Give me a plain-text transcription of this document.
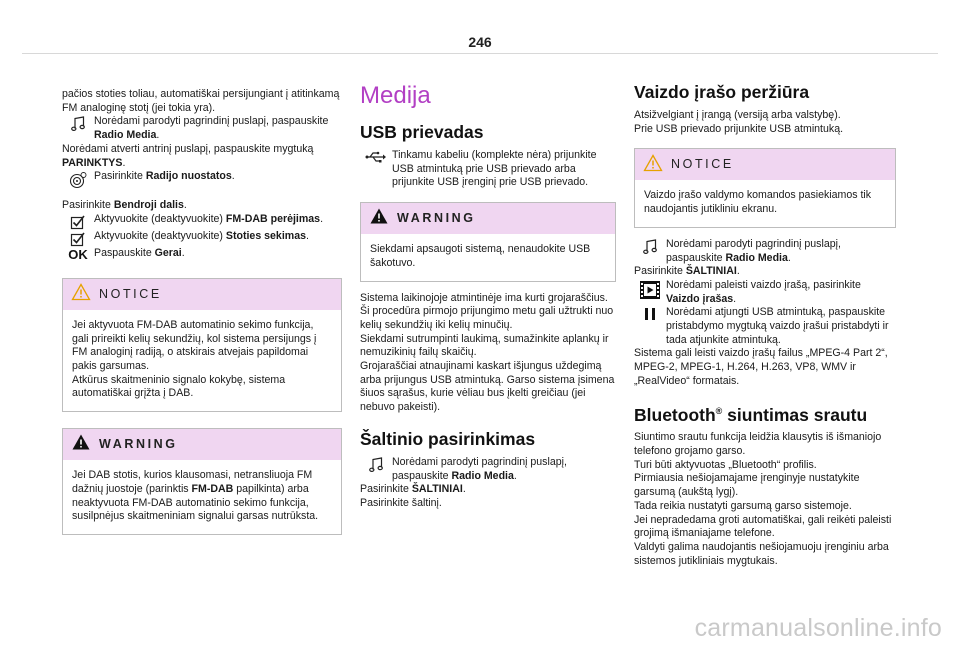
246

pačios stoties toliau, automatiškai persijungiant į atitinkamą FM analoginę stotį (jei tokia yra).

Norėdami parodyti pagrindinį puslapį, paspauskite Radio Media.

Norėdami atverti antrinį puslapį, paspauskite mygtuką PARINKTYS.

Pasirinkite Radijo nuostatos.

Pasirinkite Bendroji dalis.

Aktyvuokite (deaktyvuokite) FM-DAB perėjimas.

Aktyvuokite (deaktyvuokite) Stoties sekimas.

OK Paspauskite Gerai.

NOTICE

Jei aktyvuota FM-DAB automatinio sekimo funkcija, gali prireikti kelių sekundžių, kol sistema persijungs į FM analoginį radiją, o atskirais atvejais papildomai pakis garsumas.
Atkūrus skaitmeninio signalo kokybę, sistema automatiškai grįžta į DAB.

WARNING

Jei DAB stotis, kurios klausomasi, netransliuoja FM dažnių juostoje (parinktis FM-DAB papilkinta) arba neaktyvuota FM-DAB automatinio sekimo funkcija, susilpnėjus skaitmeniniam signalui garsas nutrūksta.

Medija
USB prievadas

Tinkamu kabeliu (komplekte nėra) prijunkite USB atmintuką prie USB prievado arba prijunkite USB įrenginį prie USB prievado.

WARNING

Siekdami apsaugoti sistemą, nenaudokite USB šakotuvo.

Sistema laikinojoje atmintinėje ima kurti grojaraščius. Ši procedūra pirmojo prijungimo metu gali užtrukti nuo kelių sekundžių iki kelių minučių.
Siekdami sutrumpinti laukimą, sumažinkite aplankų ir nemuzikinių failų skaičių.
Grojaraščiai atnaujinami kaskart išjungus uždegimą arba prijungus USB atmintuką. Garso sistema įsimena šiuos sąrašus, kurie vėliau bus įkelti greičiau (jei nebuvo pakeisti).

Šaltinio pasirinkimas

Norėdami parodyti pagrindinį puslapį, paspauskite Radio Media.

Pasirinkite ŠALTINIAI.

Pasirinkite šaltinį.

Vaizdo įrašo peržiūra

Atsižvelgiant į įrangą (versiją arba valstybę).
Prie USB prievado prijunkite USB atmintuką.

NOTICE

Vaizdo įrašo valdymo komandos pasiekiamos tik naudojantis jutikliniu ekranu.

Norėdami parodyti pagrindinį puslapį, paspauskite Radio Media.

Pasirinkite ŠALTINIAI.

Norėdami paleisti vaizdo įrašą, pasirinkite Vaizdo įrašas.

Norėdami atjungti USB atmintuką, paspauskite pristabdymo mygtuką vaizdo įrašui pristabdyti ir tada atjunkite atmintuką.

Sistema gali leisti vaizdo įrašų failus „MPEG-4 Part 2“, MPEG-2, MPEG-1, H.264, H.263, VP8, WMV ir „RealVideo“ formatais.

Bluetooth® siuntimas srautu

Siuntimo srautu funkcija leidžia klausytis iš išmaniojo telefono grojamo garso.
Turi būti aktyvuotas „Bluetooth“ profilis.
Pirmiausia nešiojamajame įrenginyje nustatykite garsumą (aukštą lygį).
Tada reikia nustatyti garsumą garso sistemoje.
Jei nepradedama groti automatiškai, gali reikėti paleisti grojimą išmaniajame telefone.
Valdyti galima naudojantis nešiojamuoju įrenginiu arba sistemos jutikliniais mygtukais.

carmanualsonline.info
